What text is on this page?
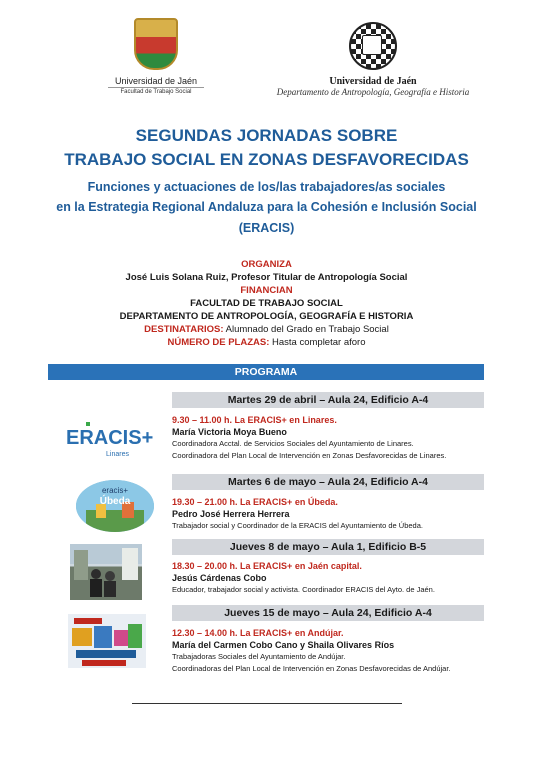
Universidad de Jaén
Facultad de Trabajo Social
Universidad de Jaén
Departamento de Antropología, Geografía e Historia
SEGUNDAS JORNADAS SOBRE
TRABAJO SOCIAL EN ZONAS DESFAVORECIDAS
Funciones y actuaciones de los/las trabajadores/as sociales
en la Estrategia Regional Andaluza para la Cohesión e Inclusión Social
(ERACIS)
ORGANIZA
José Luis Solana Ruiz, Profesor Titular de Antropología Social
FINANCIAN
FACULTAD DE TRABAJO SOCIAL
DEPARTAMENTO DE ANTROPOLOGÍA, GEOGRAFÍA E HISTORIA
DESTINATARIOS: Alumnado del Grado en Trabajo Social
NÚMERO DE PLAZAS: Hasta completar aforo
PROGRAMA
Martes 29 de abril – Aula 24, Edificio A-4
9.30 – 11.00 h. La ERACIS+ en Linares.
María Victoria Moya Bueno
Coordinadora Acctal. de Servicios Sociales del Ayuntamiento de Linares.
Coordinadora del Plan Local de Intervención en Zonas Desfavorecidas de Linares.
Martes 6 de mayo – Aula 24, Edificio A-4
19.30 – 21.00 h. La ERACIS+ en Úbeda.
Pedro José Herrera Herrera
Trabajador social y Coordinador de la ERACIS del Ayuntamiento de Úbeda.
Jueves 8 de mayo – Aula 1, Edificio B-5
18.30 – 20.00 h. La ERACIS+ en Jaén capital.
Jesús Cárdenas Cobo
Educador, trabajador social y activista. Coordinador ERACIS del Ayto. de Jaén.
Jueves 15 de mayo – Aula 24, Edificio A-4
12.30 – 14.00 h. La ERACIS+ en Andújar.
María del Carmen Cobo Cano y Shaila Olivares Ríos
Trabajadoras Sociales del Ayuntamiento de Andújar.
Coordinadoras del Plan Local de Intervención en Zonas Desfavorecidas de Andújar.
ERACIS+
Linares
eracis+
Úbeda
